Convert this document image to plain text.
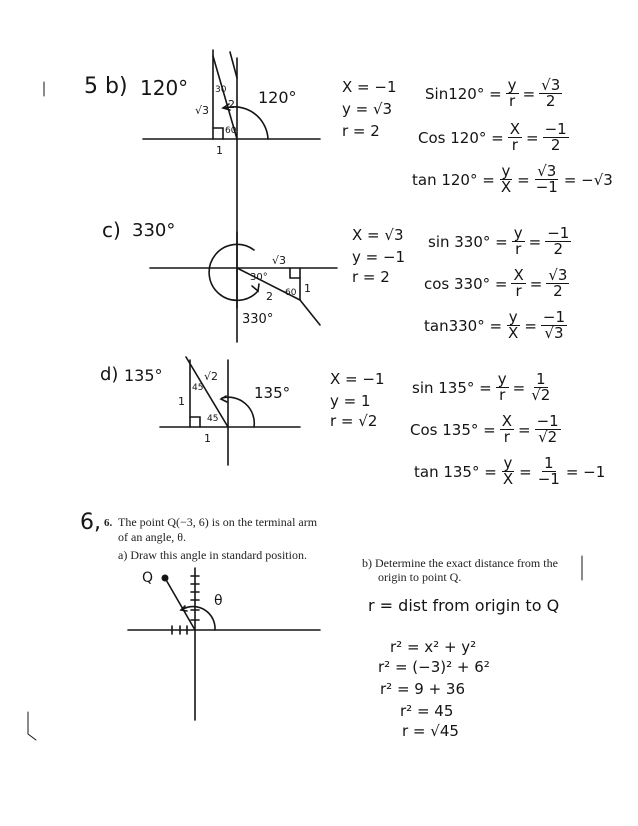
5 b) 120°
√3 2
1
30
60
120°
X = −1
y = √3
r = 2
$Sin120^\circ = \frac{y}{r} = \frac{√3}{2}$
Cos $120^\circ = \frac{X}{r} = \frac{-1}{2}$
$\tan 120^\circ = \frac{y}{X} = \frac{√3}{-1} = -√3$
c) 330°
1
2
√3
30°
60
330°
X = √3
y = −1
r = 2
$\sin 330^\circ = \frac{y}{r} = \frac{-1}{2}$
$\cos 330^\circ = \frac{X}{r} = \frac{√3}{2}$
$\tan 330^\circ = \frac{y}{X} = \frac{-1}{√3}$
d) 135°
1
√2
1
45
45
135°
X = −1
y = 1
r = √2
$\sin 135^\circ = \frac{y}{r} = \frac{1}{√2}$
Cos $135^\circ = \frac{X}{r} = \frac{-1}{√2}$
$\tan 135^\circ = \frac{y}{X} = \frac{1}{-1} = -1$
6, 6. The point Q(−3, 6) is on the terminal arm
of an angle, θ.
a) Draw this angle in standard position.
b) Determine the exact distance from the
origin to point Q.
Q
θ	r = dist from origin to Q
r² = x² + y²
r² = (−3)² + 6²
r² = 9 + 36
r² = 45
r = √45
